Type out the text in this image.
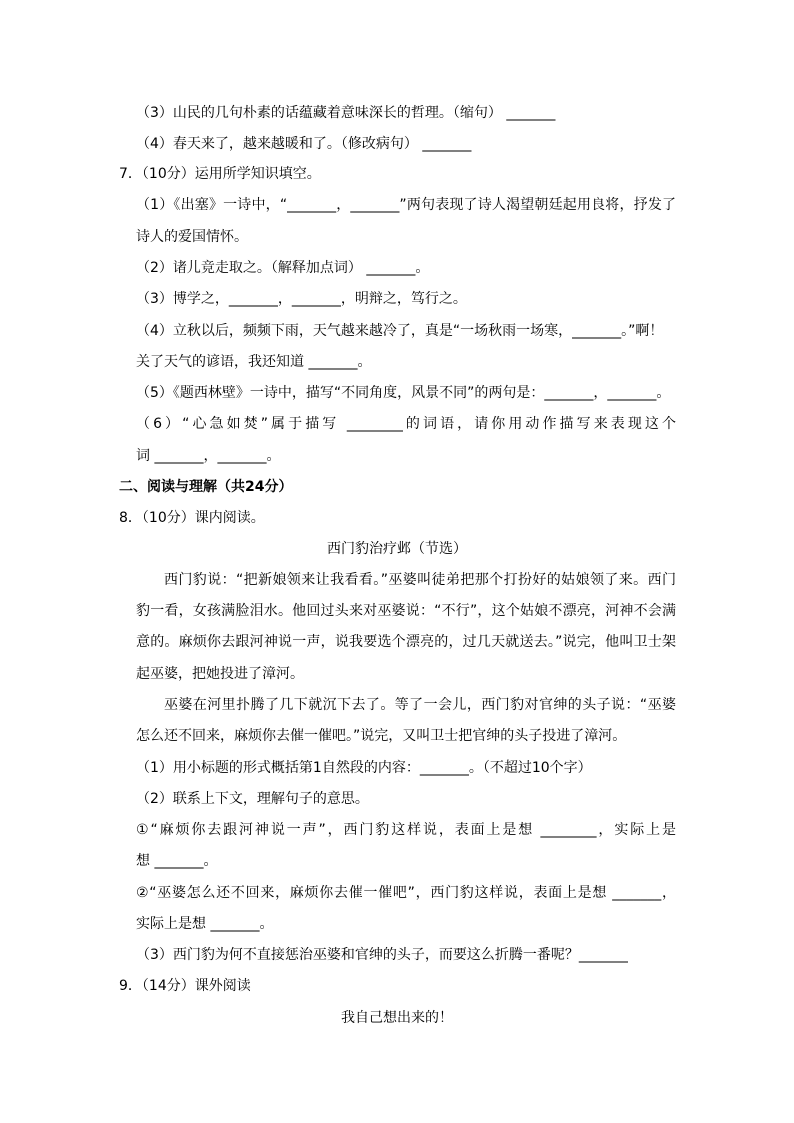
（3）山民的几句朴素的话蕴藏着意味深长的哲理。（缩句） _______
（4）春天来了，越来越暖和了。（修改病句） _______
7．（10分）运用所学知识填空。
（1）《出塞》一诗中，“_______，_______”两句表现了诗人渴望朝廷起用良将，抒发了
诗人的爱国情怀。
（2）诸儿竞走取之。（解释加点词） _______。
（3）博学之，_______，_______，明辩之，笃行之。
（4）立秋以后，频频下雨，天气越来越冷了，真是“一场秋雨一场寒，_______。”啊！
关了天气的谚语，我还知道 _______。
（5）《题西林壁》一诗中，描写“不同角度，风景不同”的两句是：_______，_______。
（6）“心急如焚”属于描写 ________的词语，请你用动作描写来表现这个
词 _______，_______。
二、阅读与理解（共24分）
8．（10分）课内阅读。
西门豹治疗邺（节选）
西门豹说：“把新娘领来让我看看。”巫婆叫徒弟把那个打扮好的姑娘领了来。西门
豹一看，女孩满脸泪水。他回过头来对巫婆说：“不行”，这个姑娘不漂亮，河神不会满
意的。麻烦你去跟河神说一声，说我要选个漂亮的，过几天就送去。”说完，他叫卫士架
起巫婆，把她投进了漳河。
巫婆在河里扑腾了几下就沉下去了。等了一会儿，西门豹对官绅的头子说：“巫婆
怎么还不回来，麻烦你去催一催吧。”说完，又叫卫士把官绅的头子投进了漳河。
（1）用小标题的形式概括第1自然段的内容：_______。（不超过10个字）
（2）联系上下文，理解句子的意思。
①“麻烦你去跟河神说一声”，西门豹这样说，表面上是想 ________，实际上是
想 _______。
②“巫婆怎么还不回来，麻烦你去催一催吧”，西门豹这样说，表面上是想 _______，
实际上是想 _______。
（3）西门豹为何不直接惩治巫婆和官绅的头子，而要这么折腾一番呢？_______
9．（14分）课外阅读
我自己想出来的！
